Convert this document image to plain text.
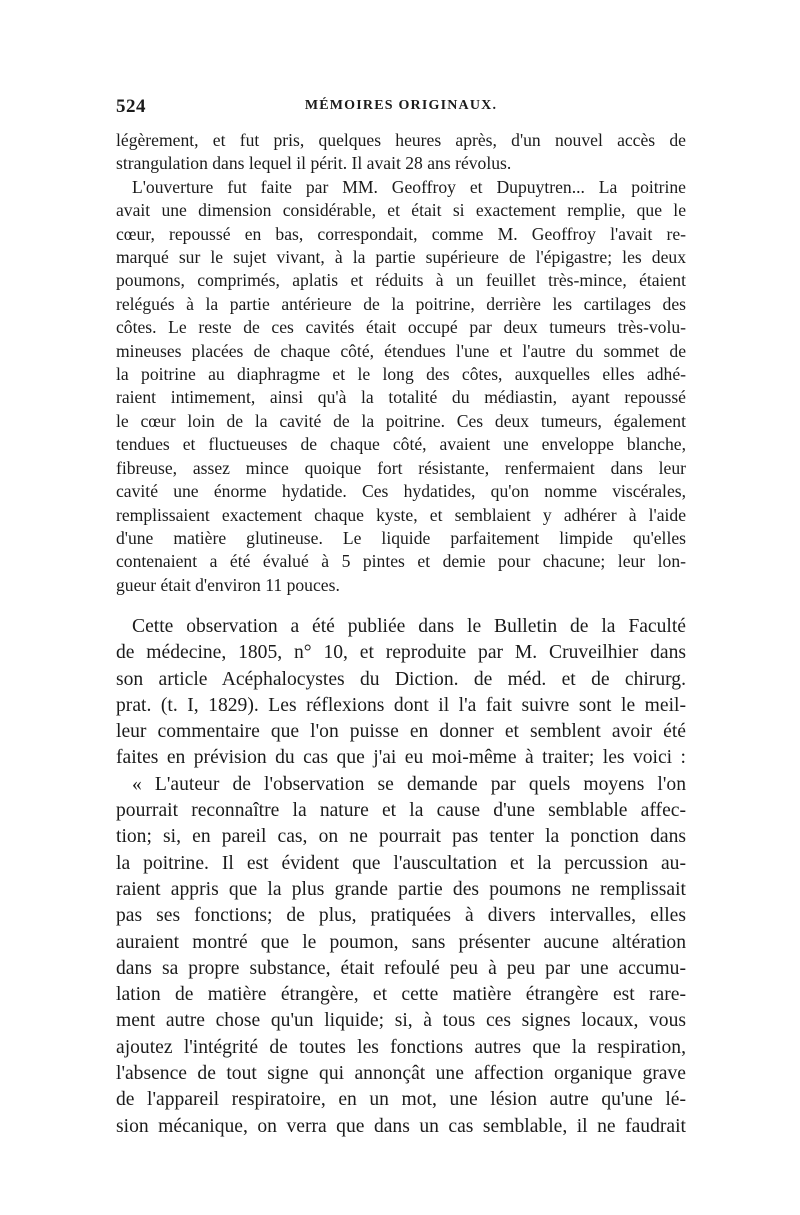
524	MÉMOIRES ORIGINAUX.
légèrement, et fut pris, quelques heures après, d'un nouvel accès de
strangulation dans lequel il périt. Il avait 28 ans révolus.
L'ouverture fut faite par MM. Geoffroy et Dupuytren... La poitrine
avait une dimension considérable, et était si exactement remplie, que le
cœur, repoussé en bas, correspondait, comme M. Geoffroy l'avait re-
marqué sur le sujet vivant, à la partie supérieure de l'épigastre; les deux
poumons, comprimés, aplatis et réduits à un feuillet très-mince, étaient
relégués à la partie antérieure de la poitrine, derrière les cartilages des
côtes. Le reste de ces cavités était occupé par deux tumeurs très-volu-
mineuses placées de chaque côté, étendues l'une et l'autre du sommet de
la poitrine au diaphragme et le long des côtes, auxquelles elles adhé-
raient intimement, ainsi qu'à la totalité du médiastin, ayant repoussé
le cœur loin de la cavité de la poitrine. Ces deux tumeurs, également
tendues et fluctueuses de chaque côté, avaient une enveloppe blanche,
fibreuse, assez mince quoique fort résistante, renfermaient dans leur
cavité une énorme hydatide. Ces hydatides, qu'on nomme viscérales,
remplissaient exactement chaque kyste, et semblaient y adhérer à l'aide
d'une matière glutineuse. Le liquide parfaitement limpide qu'elles
contenaient a été évalué à 5 pintes et demie pour chacune; leur lon-
gueur était d'environ 11 pouces.
Cette observation a été publiée dans le Bulletin de la Faculté
de médecine, 1805, n° 10, et reproduite par M. Cruveilhier dans
son article Acéphalocystes du Diction. de méd. et de chirurg.
prat. (t. I, 1829). Les réflexions dont il l'a fait suivre sont le meil-
leur commentaire que l'on puisse en donner et semblent avoir été
faites en prévision du cas que j'ai eu moi-même à traiter; les voici :
« L'auteur de l'observation se demande par quels moyens l'on
pourrait reconnaître la nature et la cause d'une semblable affec-
tion; si, en pareil cas, on ne pourrait pas tenter la ponction dans
la poitrine. Il est évident que l'auscultation et la percussion au-
raient appris que la plus grande partie des poumons ne remplissait
pas ses fonctions; de plus, pratiquées à divers intervalles, elles
auraient montré que le poumon, sans présenter aucune altération
dans sa propre substance, était refoulé peu à peu par une accumu-
lation de matière étrangère, et cette matière étrangère est rare-
ment autre chose qu'un liquide; si, à tous ces signes locaux, vous
ajoutez l'intégrité de toutes les fonctions autres que la respiration,
l'absence de tout signe qui annonçât une affection organique grave
de l'appareil respiratoire, en un mot, une lésion autre qu'une lé-
sion mécanique, on verra que dans un cas semblable, il ne faudrait
